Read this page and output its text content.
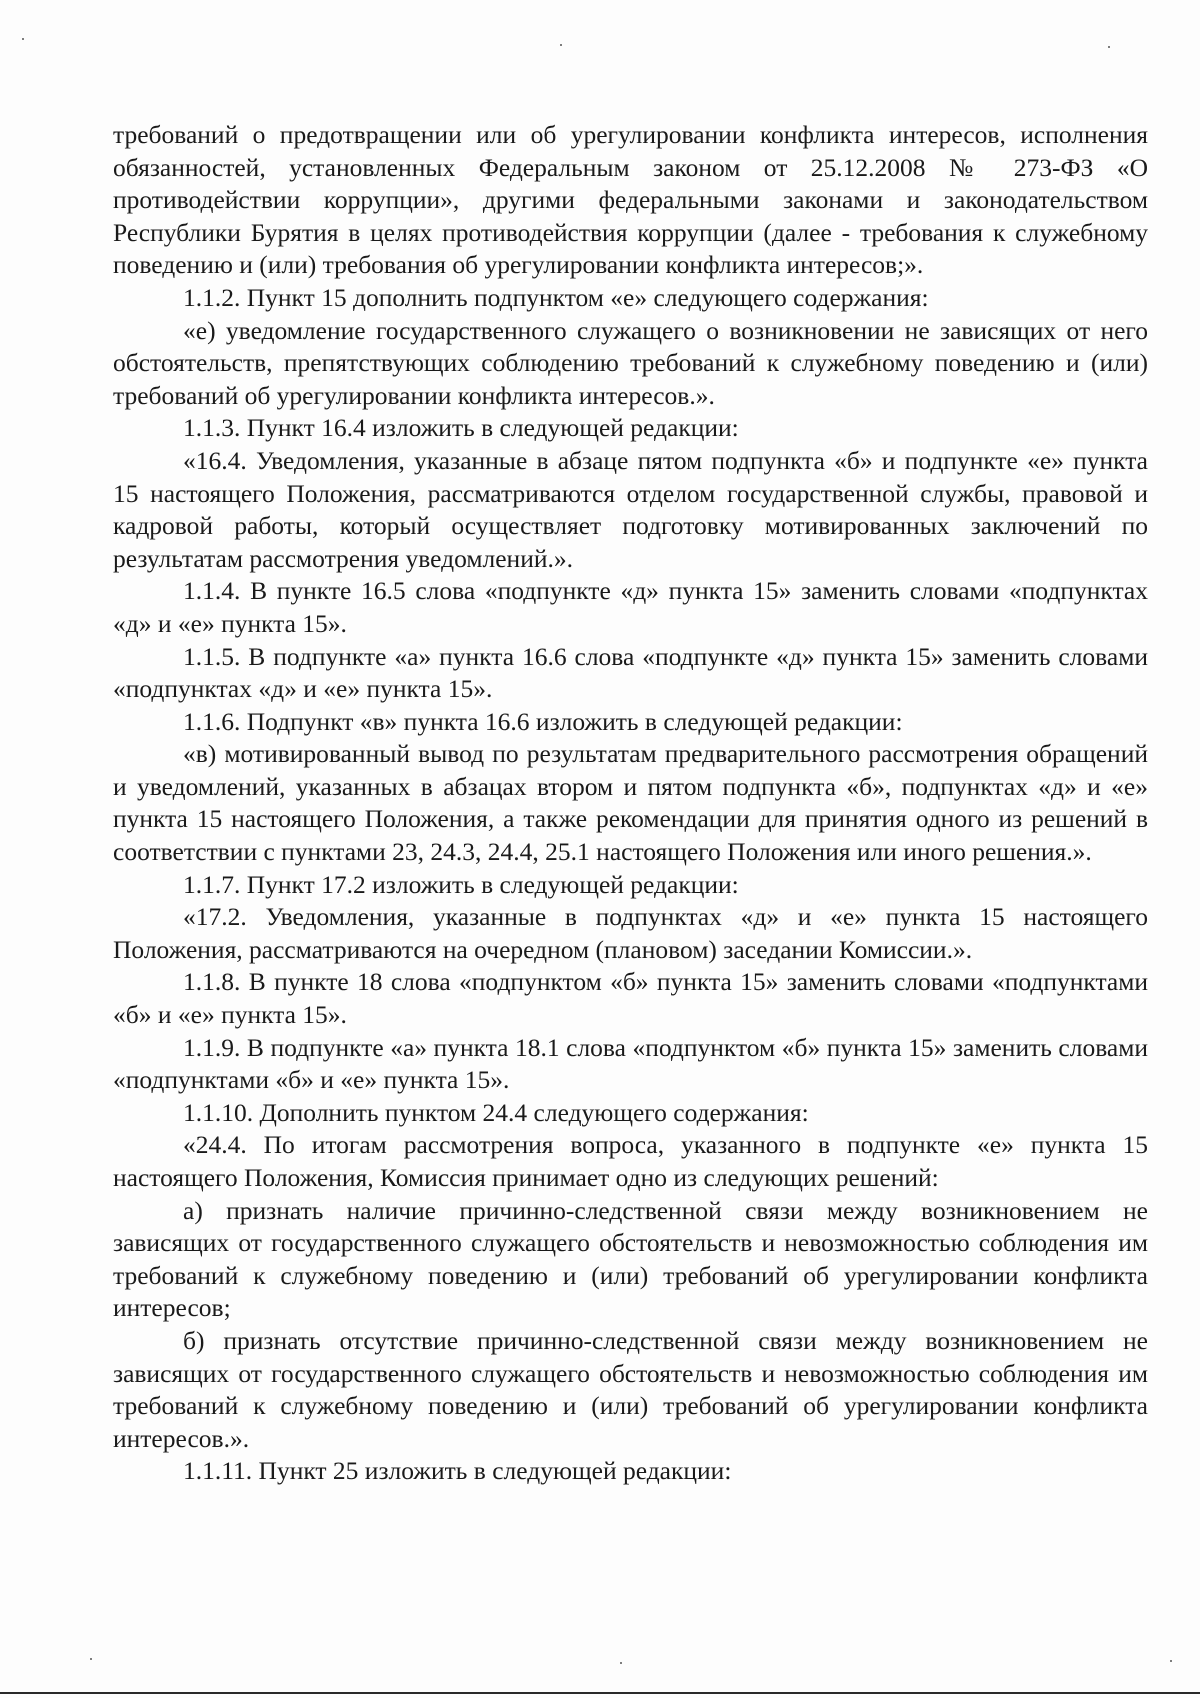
требований о предотвращении или об урегулировании конфликта интересов, исполнения обязанностей, установленных Федеральным законом от 25.12.2008 № 273-ФЗ «О противодействии коррупции», другими федеральными законами и законодательством Республики Бурятия в целях противодействия коррупции (далее - требования к служебному поведению и (или) требования об урегулировании конфликта интересов;».

1.1.2. Пункт 15 дополнить подпунктом «е» следующего содержания:

«е) уведомление государственного служащего о возникновении не зависящих от него обстоятельств, препятствующих соблюдению требований к служебному поведению и (или) требований об урегулировании конфликта интересов.».

1.1.3. Пункт 16.4 изложить в следующей редакции:

«16.4. Уведомления, указанные в абзаце пятом подпункта «б» и подпункте «е» пункта 15 настоящего Положения, рассматриваются отделом государственной службы, правовой и кадровой работы, который осуществляет подготовку мотивированных заключений по результатам рассмотрения уведомлений.».

1.1.4. В пункте 16.5 слова «подпункте «д» пункта 15» заменить словами «подпунктах «д» и «е» пункта 15».

1.1.5. В подпункте «а» пункта 16.6 слова «подпункте «д» пункта 15» заменить словами «подпунктах «д» и «е» пункта 15».

1.1.6. Подпункт «в» пункта 16.6 изложить в следующей редакции:

«в) мотивированный вывод по результатам предварительного рассмотрения обращений и уведомлений, указанных в абзацах втором и пятом подпункта «б», подпунктах «д» и «е» пункта 15 настоящего Положения, а также рекомендации для принятия одного из решений в соответствии с пунктами 23, 24.3, 24.4, 25.1 настоящего Положения или иного решения.».

1.1.7. Пункт 17.2 изложить в следующей редакции:

«17.2. Уведомления, указанные в подпунктах «д» и «е» пункта 15 настоящего Положения, рассматриваются на очередном (плановом) заседании Комиссии.».

1.1.8. В пункте 18 слова «подпунктом «б» пункта 15» заменить словами «подпунктами «б» и «е» пункта 15».

1.1.9. В подпункте «а» пункта 18.1 слова «подпунктом «б» пункта 15» заменить словами «подпунктами «б» и «е» пункта 15».

1.1.10. Дополнить пунктом 24.4 следующего содержания:

«24.4. По итогам рассмотрения вопроса, указанного в подпункте «е» пункта 15 настоящего Положения, Комиссия принимает одно из следующих решений:

а) признать наличие причинно-следственной связи между возникновением не зависящих от государственного служащего обстоятельств и невозможностью соблюдения им требований к служебному поведению и (или) требований об урегулировании конфликта интересов;

б) признать отсутствие причинно-следственной связи между возникновением не зависящих от государственного служащего обстоятельств и невозможностью соблюдения им требований к служебному поведению и (или) требований об урегулировании конфликта интересов.».

1.1.11. Пункт 25 изложить в следующей редакции:
